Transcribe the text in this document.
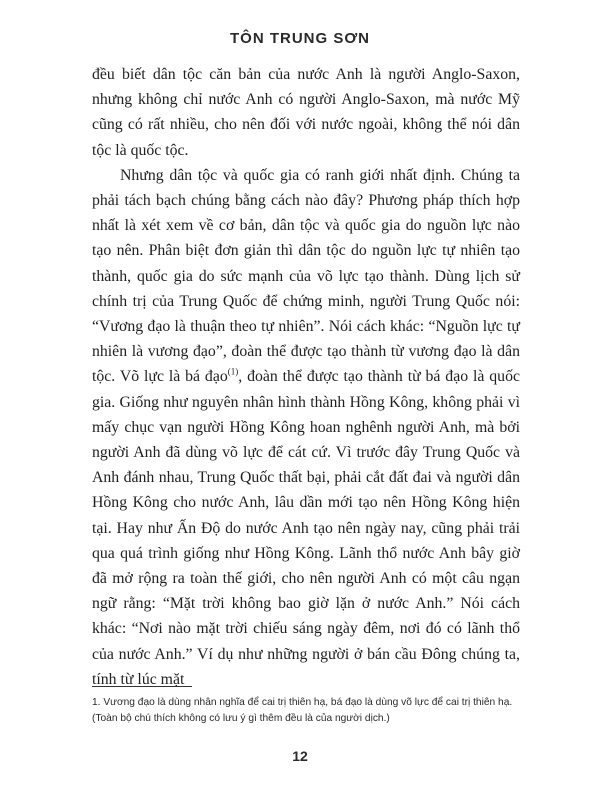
TÔN TRUNG SƠN

đều biết dân tộc căn bản của nước Anh là người Anglo-Saxon, nhưng không chỉ nước Anh có người Anglo-Saxon, mà nước Mỹ cũng có rất nhiều, cho nên đối với nước ngoài, không thể nói dân tộc là quốc tộc.

Nhưng dân tộc và quốc gia có ranh giới nhất định. Chúng ta phải tách bạch chúng bằng cách nào đây? Phương pháp thích hợp nhất là xét xem về cơ bản, dân tộc và quốc gia do nguồn lực nào tạo nên. Phân biệt đơn giản thì dân tộc do nguồn lực tự nhiên tạo thành, quốc gia do sức mạnh của võ lực tạo thành. Dùng lịch sử chính trị của Trung Quốc để chứng minh, người Trung Quốc nói: “Vương đạo là thuận theo tự nhiên”. Nói cách khác: “Nguồn lực tự nhiên là vương đạo”, đoàn thể được tạo thành từ vương đạo là dân tộc. Võ lực là bá đạo$^{(1)}$, đoàn thể được tạo thành từ bá đạo là quốc gia. Giống như nguyên nhân hình thành Hồng Kông, không phải vì mấy chục vạn người Hồng Kông hoan nghênh người Anh, mà bởi người Anh đã dùng võ lực để cát cứ. Vì trước đây Trung Quốc và Anh đánh nhau, Trung Quốc thất bại, phải cắt đất đai và người dân Hồng Kông cho nước Anh, lâu dần mới tạo nên Hồng Kông hiện tại. Hay như Ấn Độ do nước Anh tạo nên ngày nay, cũng phải trải qua quá trình giống như Hồng Kông. Lãnh thổ nước Anh bây giờ đã mở rộng ra toàn thế giới, cho nên người Anh có một câu ngạn ngữ rằng: “Mặt trời không bao giờ lặn ở nước Anh.” Nói cách khác: “Nơi nào mặt trời chiếu sáng ngày đêm, nơi đó có lãnh thổ của nước Anh.” Ví dụ như những người ở bán cầu Đông chúng ta, tính từ lúc mặt

1. Vương đạo là dùng nhân nghĩa để cai trị thiên hạ, bá đạo là dùng võ lực để cai trị thiên hạ. (Toàn bộ chú thích không có lưu ý gì thêm đều là của người dịch.)
12
